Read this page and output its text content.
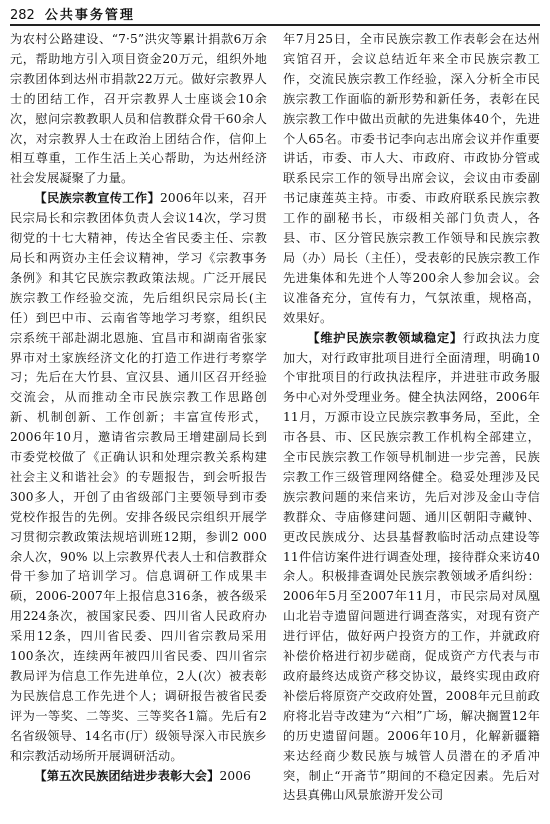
282 公共事务管理

为农村公路建设、“7·5”洪灾等累计捐款6万余元，帮助地方引入项目资金20万元，组织外地宗教团体到达州市捐款22万元。做好宗教界人士的团结工作，召开宗教界人士座谈会10余次，慰问宗教教职人员和信教群众骨干60余人次，对宗教界人士在政治上团结合作，信仰上相互尊重，工作生活上关心帮助，为达州经济社会发展凝聚了力量。

【民族宗教宣传工作】2006年以来，召开民宗局长和宗教团体负责人会议14次，学习贯彻党的十七大精神，传达全省民委主任、宗教局长和两资办主任会议精神，学习《宗教事务条例》和其它民族宗教政策法规。广泛开展民族宗教工作经验交流，先后组织民宗局长(主任）到巴中市、云南省等地学习考察，组织民宗系统干部赴湖北恩施、宜昌市和湖南省张家界市对土家族经济文化的打造工作进行考察学习；先后在大竹县、宣汉县、通川区召开经验交流会，从而推动全市民族宗教工作思路创新、机制创新、工作创新；丰富宣传形式，2006年10月，邀请省宗教局王增建副局长到市委党校做了《正确认识和处理宗教关系构建社会主义和谐社会》的专题报告，到会听报告300多人，开创了由省级部门主要领导到市委党校作报告的先例。安排各级民宗组织开展学习贯彻宗教政策法规培训班12期，参训2 000余人次，90% 以上宗教界代表人士和信教群众骨干参加了培训学习。信息调研工作成果丰硕，2006-2007年上报信息316条，被各级采用224条次，被国家民委、四川省人民政府办采用12条，四川省民委、四川省宗教局采用100条次，连续两年被四川省民委、四川省宗教局评为信息工作先进单位，2人(次）被表彰为民族信息工作先进个人；调研报告被省民委评为一等奖、二等奖、三等奖各1篇。先后有2名省级领导、14名市(厅）级领导深入市民族乡和宗教活动场所开展调研活动。

【第五次民族团结进步表彰大会】2006

年7月25日，全市民族宗教工作表彰会在达州宾馆召开，会议总结近年来全市民族宗教工作，交流民族宗教工作经验，深入分析全市民族宗教工作面临的新形势和新任务，表彰在民族宗教工作中做出贡献的先进集体40个，先进个人65名。市委书记李向志出席会议并作重要讲话，市委、市人大、市政府、市政协分管或联系民宗工作的领导出席会议，会议由市委副书记康莲英主持。市委、市政府联系民族宗教工作的副秘书长，市级相关部门负责人，各县、市、区分管民族宗教工作领导和民族宗教局（办）局长（主任），受表彰的民族宗教工作先进集体和先进个人等200余人参加会议。会议准备充分，宣传有力，气氛浓重，规格高，效果好。

【维护民族宗教领域稳定】行政执法力度加大，对行政审批项目进行全面清理，明确10个审批项目的行政执法程序，并进驻市政务服务中心对外受理业务。健全执法网络，2006年11月，万源市设立民族宗教事务局，至此，全市各县、市、区民族宗教工作机构全部建立，全市民族宗教工作领导机制进一步完善，民族宗教工作三级管理网络健全。稳妥处理涉及民族宗教问题的来信来访，先后对涉及金山寺信教群众、寺庙修建问题、通川区朝阳寺藏钟、更改民族成分、达县基督教临时活动点建设等11件信访案件进行调查处理，接待群众来访40余人。积极排查调处民族宗教领域矛盾纠纷：2006年5月至2007年11月，市民宗局对凤凰山北岩寺遗留问题进行调查落实，对现有资产进行评估，做好两户投资方的工作，并就政府补偿价格进行初步磋商，促成资产方代表与市政府最终达成资产移交协议，最终实现由政府补偿后将原资产交政府处置，2008年元旦前政府将北岩寺改建为“六相”广场，解决搁置12年的历史遗留问题。2006年10月，化解新疆籍来达经商少数民族与城管人员潜在的矛盾冲突，制止“开斋节”期间的不稳定因素。先后对达县真佛山风景旅游开发公司
